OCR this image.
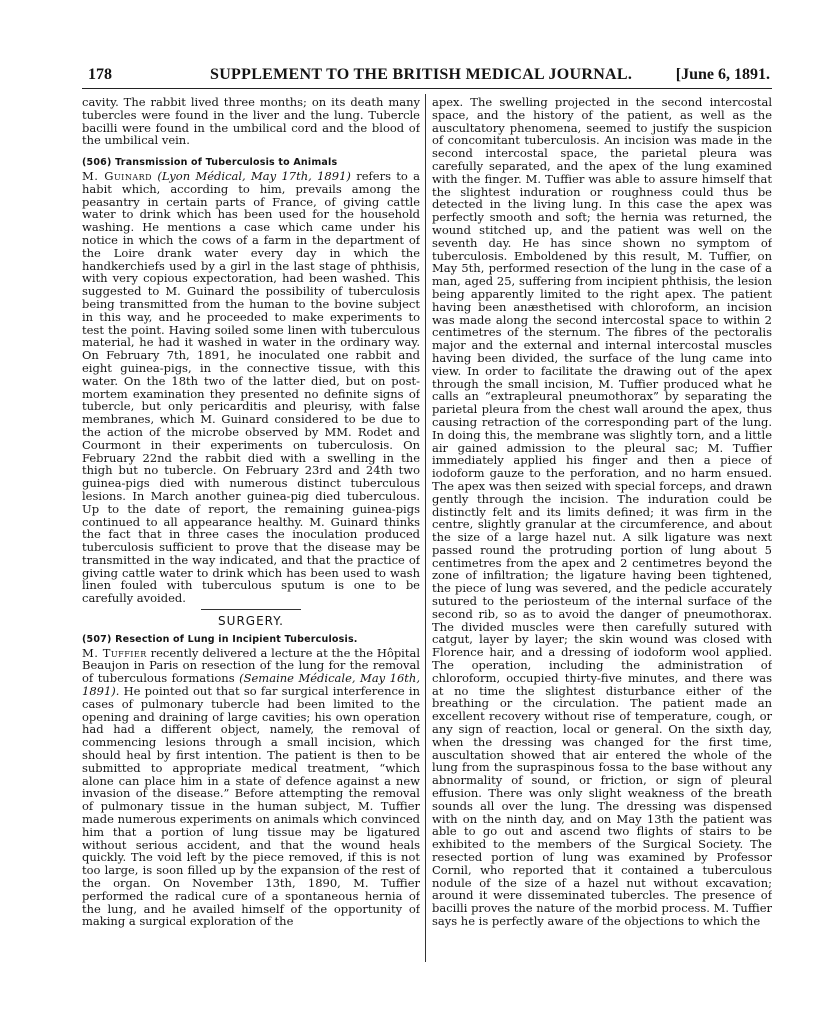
178	SUPPLEMENT TO THE BRITISH MEDICAL JOURNAL.	[June 6, 1891.

cavity. The rabbit lived three months; on its death many tubercles were found in the liver and the lung. Tubercle bacilli were found in the umbilical cord and the blood of the umbilical vein.

(506) Transmission of Tuberculosis to Animals
M. Guinard (Lyon Médical, May 17th, 1891) refers to a habit which, according to him, prevails among the peasantry in certain parts of France, of giving cattle water to drink which has been used for the household washing. He mentions a case which came under his notice in which the cows of a farm in the department of the Loire drank water every day in which the handkerchiefs used by a girl in the last stage of phthisis, with very copious expectoration, had been washed. This suggested to M. Guinard the possibility of tuberculosis being transmitted from the human to the bovine subject in this way, and he proceeded to make experiments to test the point. Having soiled some linen with tuberculous material, he had it washed in water in the ordinary way. On February 7th, 1891, he inoculated one rabbit and eight guinea-pigs, in the connective tissue, with this water. On the 18th two of the latter died, but on post-mortem examination they presented no definite signs of tubercle, but only pericarditis and pleurisy, with false membranes, which M. Guinard considered to be due to the action of the microbe observed by MM. Rodet and Courmont in their experiments on tuberculosis. On February 22nd the rabbit died with a swelling in the thigh but no tubercle. On February 23rd and 24th two guinea-pigs died with numerous distinct tuberculous lesions. In March another guinea-pig died tuberculous. Up to the date of report, the remaining guinea-pigs continued to all appearance healthy. M. Guinard thinks the fact that in three cases the inoculation produced tuberculosis sufficient to prove that the disease may be transmitted in the way indicated, and that the practice of giving cattle water to drink which has been used to wash linen fouled with tuberculous sputum is one to be carefully avoided.

SURGERY.

(507) Resection of Lung in Incipient Tuberculosis.
M. Tuffier recently delivered a lecture at the the Hôpital Beaujon in Paris on resection of the lung for the removal of tuberculous formations (Semaine Médicale, May 16th, 1891). He pointed out that so far surgical interference in cases of pulmonary tubercle had been limited to the opening and draining of large cavities; his own operation had had a different object, namely, the removal of commencing lesions through a small incision, which should heal by first intention. The patient is then to be submitted to appropriate medical treatment, “which alone can place him in a state of defence against a new invasion of the disease.” Before attempting the removal of pulmonary tissue in the human subject, M. Tuffier made numerous experiments on animals which convinced him that a portion of lung tissue may be ligatured without serious accident, and that the wound heals quickly. The void left by the piece removed, if this is not too large, is soon filled up by the expansion of the rest of the organ. On November 13th, 1890, M. Tuffier performed the radical cure of a spontaneous hernia of the lung, and he availed himself of the opportunity of making a surgical exploration of the

apex. The swelling projected in the second intercostal space, and the history of the patient, as well as the auscultatory phenomena, seemed to justify the suspicion of concomitant tuberculosis. An incision was made in the second intercostal space, the parietal pleura was carefully separated, and the apex of the lung examined with the finger. M. Tuffier was able to assure himself that the slightest induration or roughness could thus be detected in the living lung. In this case the apex was perfectly smooth and soft; the hernia was returned, the wound stitched up, and the patient was well on the seventh day. He has since shown no symptom of tuberculosis. Emboldened by this result, M. Tuffier, on May 5th, performed resection of the lung in the case of a man, aged 25, suffering from incipient phthisis, the lesion being apparently limited to the right apex. The patient having been anæsthetised with chloroform, an incision was made along the second intercostal space to within 2 centimetres of the sternum. The fibres of the pectoralis major and the external and internal intercostal muscles having been divided, the surface of the lung came into view. In order to facilitate the drawing out of the apex through the small incision, M. Tuffier produced what he calls an “extrapleural pneumothorax” by separating the parietal pleura from the chest wall around the apex, thus causing retraction of the corresponding part of the lung. In doing this, the membrane was slightly torn, and a little air gained admission to the pleural sac; M. Tuffier immediately applied his finger and then a piece of iodoform gauze to the perforation, and no harm ensued. The apex was then seized with special forceps, and drawn gently through the incision. The induration could be distinctly felt and its limits defined; it was firm in the centre, slightly granular at the circumference, and about the size of a large hazel nut. A silk ligature was next passed round the protruding portion of lung about 5 centimetres from the apex and 2 centimetres beyond the zone of infiltration; the ligature having been tightened, the piece of lung was severed, and the pedicle accurately sutured to the periosteum of the internal surface of the second rib, so as to avoid the danger of pneumothorax. The divided muscles were then carefully sutured with catgut, layer by layer; the skin wound was closed with Florence hair, and a dressing of iodoform wool applied. The operation, including the administration of chloroform, occupied thirty-five minutes, and there was at no time the slightest disturbance either of the breathing or the circulation. The patient made an excellent recovery without rise of temperature, cough, or any sign of reaction, local or general. On the sixth day, when the dressing was changed for the first time, auscultation showed that air entered the whole of the lung from the supraspinous fossa to the base without any abnormality of sound, or friction, or sign of pleural effusion. There was only slight weakness of the breath sounds all over the lung. The dressing was dispensed with on the ninth day, and on May 13th the patient was able to go out and ascend two flights of stairs to be exhibited to the members of the Surgical Society. The resected portion of lung was examined by Professor Cornil, who reported that it contained a tuberculous nodule of the size of a hazel nut without excavation; around it were disseminated tubercles. The presence of bacilli proves the nature of the morbid process. M. Tuffier says he is perfectly aware of the objections to which the
